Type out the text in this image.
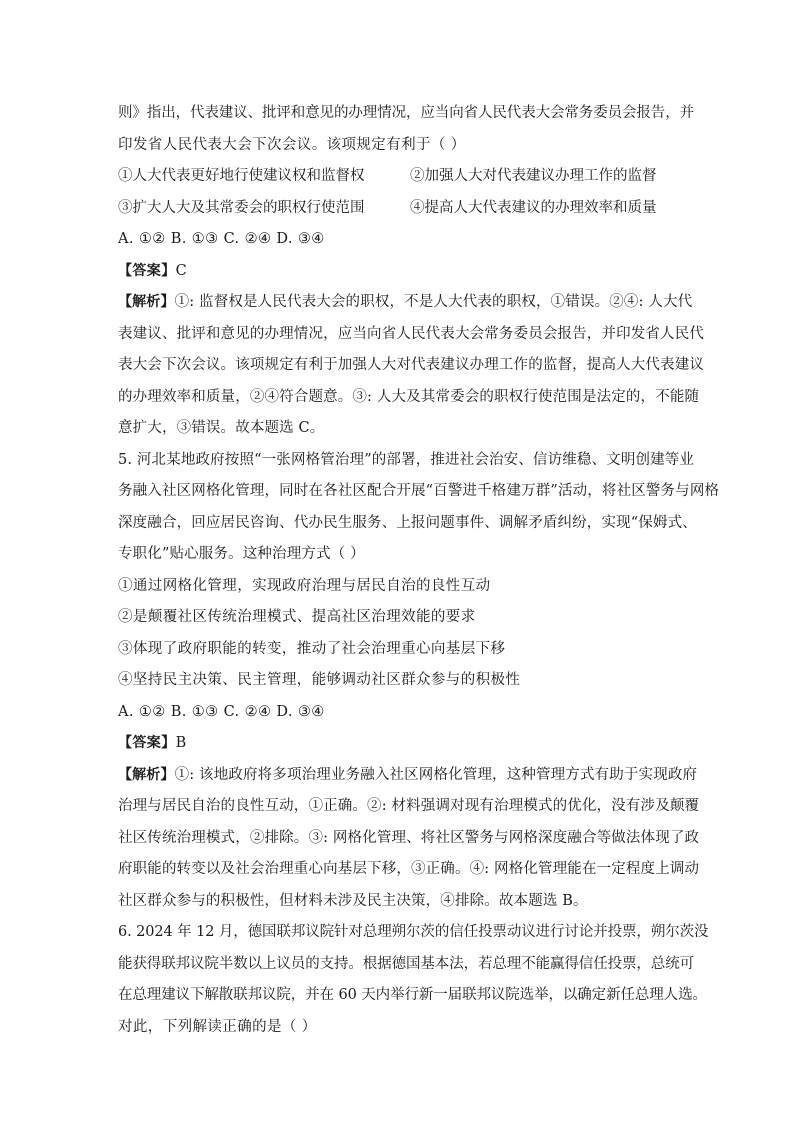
则》指出，代表建议、批评和意见的办理情况，应当向省人民代表大会常务委员会报告，并
印发省人民代表大会下次会议。该项规定有利于（ ）
①人大代表更好地行使建议权和监督权	②加强人大对代表建议办理工作的监督
③扩大人大及其常委会的职权行使范围	④提高人大代表建议的办理效率和质量
A. ①② B. ①③ C. ②④ D. ③④
【答案】C
【解析】①: 监督权是人民代表大会的职权，不是人大代表的职权，①错误。②④: 人大代
表建议、批评和意见的办理情况，应当向省人民代表大会常务委员会报告，并印发省人民代
表大会下次会议。该项规定有利于加强人大对代表建议办理工作的监督，提高人大代表建议
的办理效率和质量，②④符合题意。③: 人大及其常委会的职权行使范围是法定的，不能随
意扩大，③错误。故本题选 C。
5. 河北某地政府按照“一张网格管治理”的部署，推进社会治安、信访维稳、文明创建等业
务融入社区网格化管理，同时在各社区配合开展“百警进千格建万群”活动，将社区警务与网格
深度融合，回应居民咨询、代办民生服务、上报问题事件、调解矛盾纠纷，实现“保姆式、
专职化”贴心服务。这种治理方式（ ）
①通过网格化管理，实现政府治理与居民自治的良性互动
②是颠覆社区传统治理模式、提高社区治理效能的要求
③体现了政府职能的转变，推动了社会治理重心向基层下移
④坚持民主决策、民主管理，能够调动社区群众参与的积极性
A. ①② B. ①③ C. ②④ D. ③④
【答案】B
【解析】①: 该地政府将多项治理业务融入社区网格化管理，这种管理方式有助于实现政府
治理与居民自治的良性互动，①正确。②: 材料强调对现有治理模式的优化，没有涉及颠覆
社区传统治理模式，②排除。③: 网格化管理、将社区警务与网格深度融合等做法体现了政
府职能的转变以及社会治理重心向基层下移，③正确。④: 网格化管理能在一定程度上调动
社区群众参与的积极性，但材料未涉及民主决策，④排除。故本题选 B。
6. 2024 年 12 月，德国联邦议院针对总理朔尔茨的信任投票动议进行讨论并投票，朔尔茨没
能获得联邦议院半数以上议员的支持。根据德国基本法，若总理不能赢得信任投票，总统可
在总理建议下解散联邦议院，并在 60 天内举行新一届联邦议院选举，以确定新任总理人选。
对此，下列解读正确的是（ ）
